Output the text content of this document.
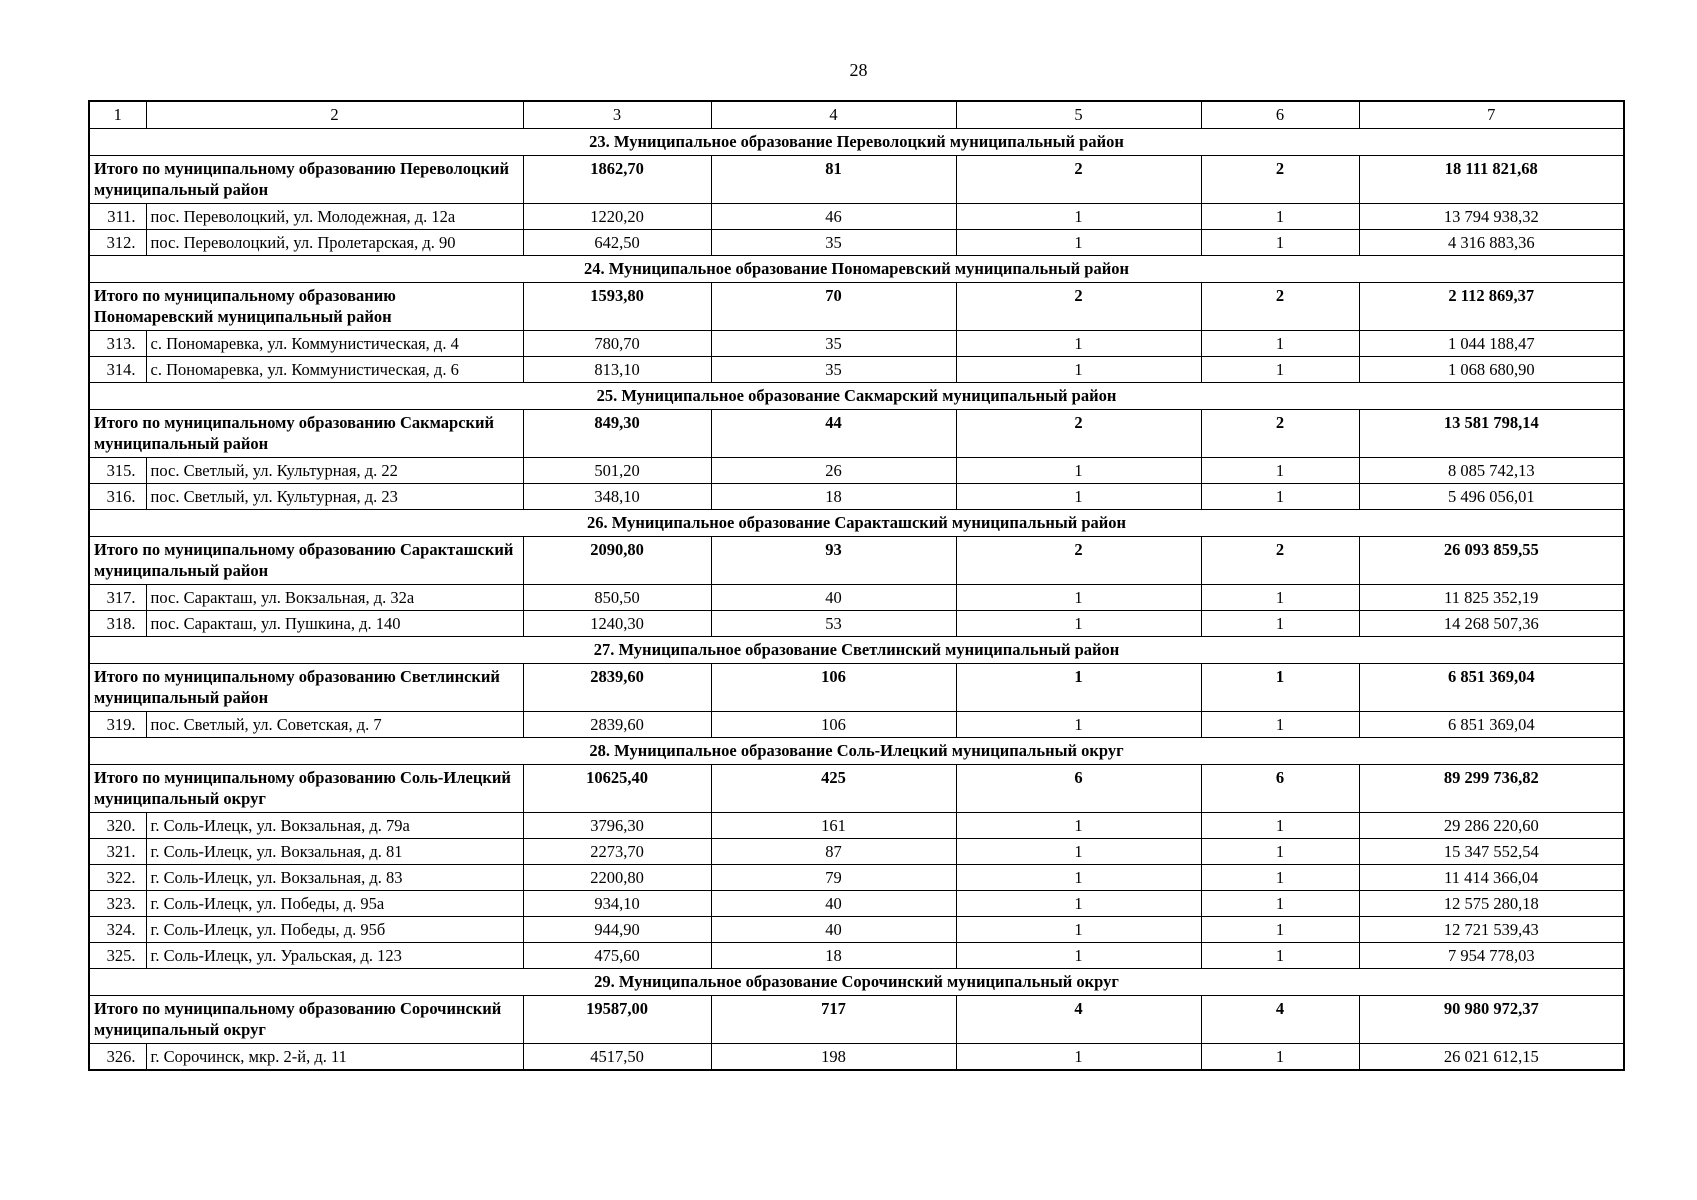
28
1	2	3	4	5	6	7
23. Муниципальное образование Переволоцкий муниципальный район						
Итого по муниципальному образованию Переволоцкий муниципальный район		1862,70	81	2	2	18 111 821,68
311.	пос. Переволоцкий, ул. Молодежная, д. 12а	1220,20	46	1	1	13 794 938,32
312.	пос. Переволоцкий, ул. Пролетарская, д. 90	642,50	35	1	1	4 316 883,36
24. Муниципальное образование Пономаревский муниципальный район						
Итого по муниципальному образованию Пономаревский муниципальный район		1593,80	70	2	2	2 112 869,37
313.	с. Пономаревка, ул. Коммунистическая, д. 4	780,70	35	1	1	1 044 188,47
314.	с. Пономаревка, ул. Коммунистическая, д. 6	813,10	35	1	1	1 068 680,90
25. Муниципальное образование Сакмарский муниципальный район						
Итого по муниципальному образованию Сакмарский муниципальный район		849,30	44	2	2	13 581 798,14
315.	пос. Светлый, ул. Культурная, д. 22	501,20	26	1	1	8 085 742,13
316.	пос. Светлый, ул. Культурная, д. 23	348,10	18	1	1	5 496 056,01
26. Муниципальное образование Саракташский муниципальный район						
Итого по муниципальному образованию Саракташский муниципальный район		2090,80	93	2	2	26 093 859,55
317.	пос. Саракташ, ул. Вокзальная, д. 32а	850,50	40	1	1	11 825 352,19
318.	пос. Саракташ, ул. Пушкина, д. 140	1240,30	53	1	1	14 268 507,36
27. Муниципальное образование Светлинский муниципальный район						
Итого по муниципальному образованию Светлинский муниципальный район		2839,60	106	1	1	6 851 369,04
319.	пос. Светлый, ул. Советская, д. 7	2839,60	106	1	1	6 851 369,04
28. Муниципальное образование Соль-Илецкий муниципальный округ						
Итого по муниципальному образованию Соль-Илецкий муниципальный округ		10625,40	425	6	6	89 299 736,82
320.	г. Соль-Илецк, ул. Вокзальная, д. 79а	3796,30	161	1	1	29 286 220,60
321.	г. Соль-Илецк, ул. Вокзальная, д. 81	2273,70	87	1	1	15 347 552,54
322.	г. Соль-Илецк, ул. Вокзальная, д. 83	2200,80	79	1	1	11 414 366,04
323.	г. Соль-Илецк, ул. Победы, д. 95а	934,10	40	1	1	12 575 280,18
324.	г. Соль-Илецк, ул. Победы, д. 95б	944,90	40	1	1	12 721 539,43
325.	г. Соль-Илецк, ул. Уральская, д. 123	475,60	18	1	1	7 954 778,03
29. Муниципальное образование Сорочинский муниципальный округ						
Итого по муниципальному образованию Сорочинский муниципальный округ		19587,00	717	4	4	90 980 972,37
326.	г. Сорочинск, мкр. 2-й, д. 11	4517,50	198	1	1	26 021 612,15
